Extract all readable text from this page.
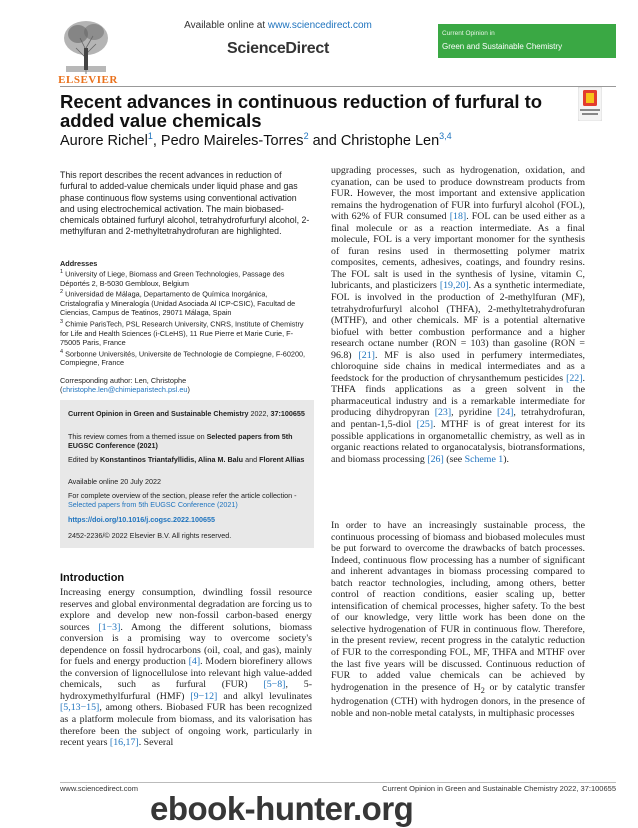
ELSEVIER
Available online at www.sciencedirect.com
ScienceDirect
Current Opinion in
Green and Sustainable Chemistry
Recent advances in continuous reduction of furfural to added value chemicals
Aurore Richel$^1$, Pedro Maireles-Torres$^2$ and Christophe Len$^{3,4}$
This report describes the recent advances in reduction of furfural to added-value chemicals under liquid phase and gas phase continuous flow systems using conventional activation and using electrochemical activation. The main biobased-chemicals obtained furfuryl alcohol, tetrahydrofurfuryl alcohol, 2-methylfuran and 2-methyltetrahydrofuran are highlighted.
Addresses
$^1$ University of Liege, Biomass and Green Technologies, Passage des Déportés 2, B-5030 Gembloux, Belgium
$^2$ Universidad de Málaga, Departamento de Química Inorgánica, Cristalografía y Mineralogía (Unidad Asociada Al ICP-CSIC), Facultad de Ciencias, Campus de Teatinos, 29071 Málaga, Spain
$^3$ Chimie ParisTech, PSL Research University, CNRS, Institute of Chemistry for Life and Health Sciences (i-CLeHS), 11 Rue Pierre et Marie Curie, F-75005 Paris, France
$^4$ Sorbonne Universités, Universite de Technologie de Compiegne, F-60200, Compiegne, France
Corresponding author: Len, Christophe (christophe.len@chimieparistech.psl.eu)
Current Opinion in Green and Sustainable Chemistry 2022, 37:100655
This review comes from a themed issue on Selected papers from 5th EUGSC Conference (2021)
Edited by Konstantinos Triantafyllidis, Alina M. Balu and Florent Allias
Available online 20 July 2022
For complete overview of the section, please refer the article collection - Selected papers from 5th EUGSC Conference (2021)
https://doi.org/10.1016/j.cogsc.2022.100655
2452-2236/© 2022 Elsevier B.V. All rights reserved.
Introduction
Increasing energy consumption, dwindling fossil resource reserves and global environmental degradation are forcing us to explore and develop new non-fossil carbon-based energy sources [1−3]. Among the different solutions, biomass conversion is a promising way to overcome society's dependence on fossil hydrocarbons (oil, coal, and gas), mainly for fuels and energy production [4]. Modern biorefinery allows the conversion of lignocellulose into relevant high value-added chemicals, such as furfural (FUR) [5−8], 5-hydroxymethylfurfural (HMF) [9−12] and alkyl levulinates [5,13−15], among others. Biobased FUR has been recognized as a platform molecule from biomass, and its valorisation has therefore been the subject of ongoing work, particularly in recent years [16,17]. Several
upgrading processes, such as hydrogenation, oxidation, and cyanation, can be used to produce downstream products from FUR. However, the most important and extensive application remains the hydrogenation of FUR into furfuryl alcohol (FOL), with 62% of FUR consumed [18]. FOL can be used either as a final molecule or as a reaction intermediate. As a final molecule, FOL is a very important monomer for the synthesis of furan resins used in thermosetting polymer matrix composites, cements, adhesives, coatings, and foundry resins. The FOL salt is used in the synthesis of lysine, vitamin C, lubricants, and plasticizers [19,20]. As a synthetic intermediate, FOL is involved in the production of 2-methylfuran (MF), tetrahydrofurfuryl alcohol (THFA), 2-methyltetrahydrofuran (MTHF), and other chemicals. MF is a potential alternative biofuel with better combustion performance and a higher research octane number (RON = 103) than gasoline (RON = 96.8) [21]. MF is also used in perfumery intermediates, chloroquine side chains in medical intermediates and as a feedstock for the production of chrysanthemum pesticides [22]. THFA finds applications as a green solvent in the pharmaceutical industry and is a remarkable intermediate for producing dihydropyran [23], pyridine [24], tetrahydrofuran, and pentan-1,5-diol [25]. MTHF is of great interest for its possible applications in organometallic chemistry, as well as in organic reactions related to organocatalysis, biotransformations, and biomass processing [26] (see Scheme 1).
In order to have an increasingly sustainable process, the continuous processing of biomass and biobased molecules must be put forward to overcome the drawbacks of batch processes. Indeed, continuous flow processing has a number of significant and inherent advantages in biomass processing compared to batch reactor technologies, including, among others, better control of reaction conditions, easier scaling up, better intensification of chemical processes, higher safety. To the best of our knowledge, very little work has been done on the selective hydrogenation of FUR in continuous flow. Therefore, in the present review, recent progress in the catalytic reduction of FUR to the corresponding FOL, MF, THFA and MTHF over the last five years will be discussed. Continuous reduction of FUR to added value chemicals can be achieved by hydrogenation in the presence of $H_2$ or by catalytic transfer hydrogenation (CTH) with hydrogen donors, in the presence of noble and non-noble metal catalysts, in multiphasic processes
www.sciencedirect.com	Current Opinion in Green and Sustainable Chemistry 2022, 37:100655
ebook-hunter.org
